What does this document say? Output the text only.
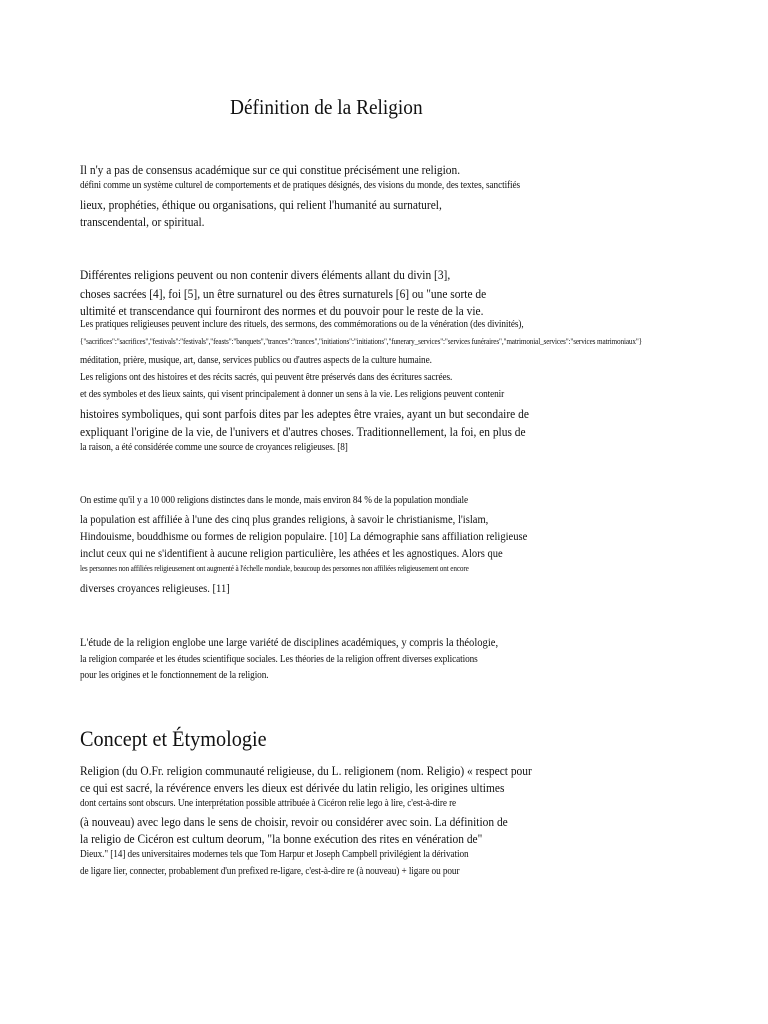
Définition de la Religion
Il n'y a pas de consensus académique sur ce qui constitue précisément une religion.
défini comme un système culturel de comportements et de pratiques désignés, des visions du monde, des textes, sanctifiés
lieux, prophéties, éthique ou organisations, qui relient l'humanité au surnaturel,
transcendental, or spiritual.
Différentes religions peuvent ou non contenir divers éléments allant du divin [3],
choses sacrées [4], foi [5], un être surnaturel ou des êtres surnaturels [6] ou "une sorte de
ultimité et transcendance qui fourniront des normes et du pouvoir pour le reste de la vie.
Les pratiques religieuses peuvent inclure des rituels, des sermons, des commémorations ou de la vénération (des divinités),
{"sacrifices":"sacrifices","festivals":"festivals","feasts":"banquets","trances":"trances","initiations":"initiations","funerary_services":"services funéraires","matrimonial_services":"services matrimoniaux"}
méditation, prière, musique, art, danse, services publics ou d'autres aspects de la culture humaine.
Les religions ont des histoires et des récits sacrés, qui peuvent être préservés dans des écritures sacrées.
et des symboles et des lieux saints, qui visent principalement à donner un sens à la vie. Les religions peuvent contenir
histoires symboliques, qui sont parfois dites par les adeptes être vraies, ayant un but secondaire de
expliquant l'origine de la vie, de l'univers et d'autres choses. Traditionnellement, la foi, en plus de
la raison, a été considérée comme une source de croyances religieuses. [8]
On estime qu'il y a 10 000 religions distinctes dans le monde, mais environ 84 % de la population mondiale
la population est affiliée à l'une des cinq plus grandes religions, à savoir le christianisme, l'islam,
Hindouisme, bouddhisme ou formes de religion populaire. [10] La démographie sans affiliation religieuse
inclut ceux qui ne s'identifient à aucune religion particulière, les athées et les agnostiques. Alors que
les personnes non affiliées religieusement ont augmenté à l'échelle mondiale, beaucoup des personnes non affiliées religieusement ont encore
diverses croyances religieuses. [11]
L'étude de la religion englobe une large variété de disciplines académiques, y compris la théologie,
la religion comparée et les études scientifique sociales. Les théories de la religion offrent diverses explications
pour les origines et le fonctionnement de la religion.
Concept et Étymologie
Religion (du O.Fr. religion communauté religieuse, du L. religionem (nom. Religio) « respect pour
ce qui est sacré, la révérence envers les dieux est dérivée du latin religio, les origines ultimes
dont certains sont obscurs. Une interprétation possible attribuée à Cicéron relie lego à lire, c'est-à-dire re
(à nouveau) avec lego dans le sens de choisir, revoir ou considérer avec soin. La définition de
la religio de Cicéron est cultum deorum, "la bonne exécution des rites en vénération de"
Dieux." [14] des universitaires modernes tels que Tom Harpur et Joseph Campbell privilégient la dérivation
de ligare lier, connecter, probablement d'un prefixed re-ligare, c'est-à-dire re (à nouveau) + ligare ou pour
